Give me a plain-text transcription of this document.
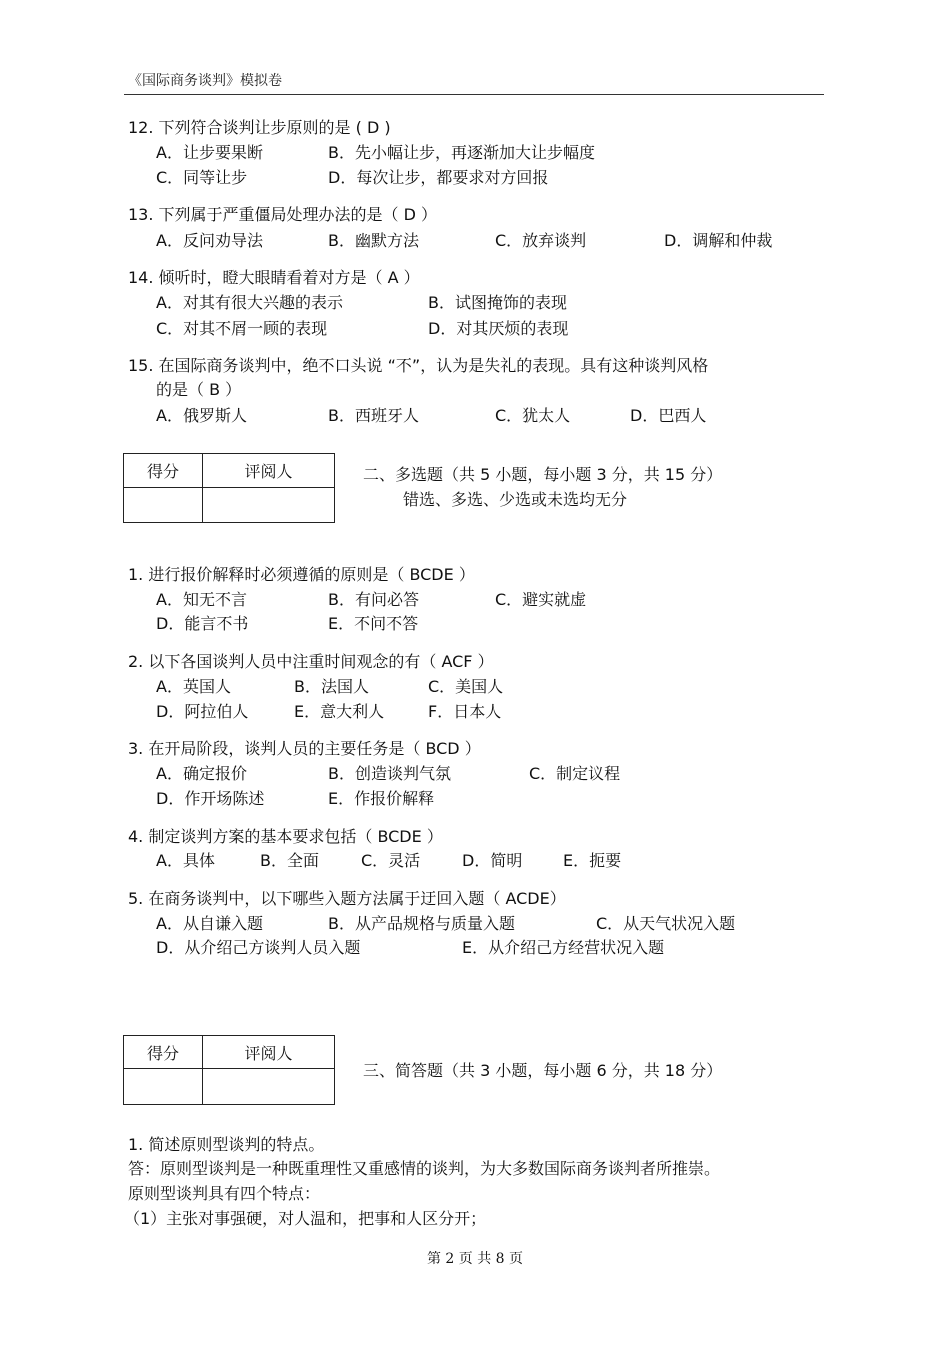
《国际商务谈判》模拟卷
12. 下列符合谈判让步原则的是 ( D )
A．让步要果断	B．先小幅让步，再逐渐加大让步幅度
C．同等让步	D．每次让步，都要求对方回报
13. 下列属于严重僵局处理办法的是（ D ）
A．反问劝导法	B．幽默方法	C．放弃谈判	D．调解和仲裁
14. 倾听时，瞪大眼睛看着对方是（ A ）
A．对其有很大兴趣的表示	B．试图掩饰的表现
C．对其不屑一顾的表现	D．对其厌烦的表现
15. 在国际商务谈判中，绝不口头说 “不”，认为是失礼的表现。具有这种谈判风格
的是（ B ）
A．俄罗斯人	B．西班牙人	C．犹太人	D．巴西人
得分	评阅人
		二、多选题（共 5 小题，每小题 3 分，共 15 分）
错选、多选、少选或未选均无分
1. 进行报价解释时必须遵循的原则是（ BCDE ）
A．知无不言	B．有问必答	C．避实就虚
D．能言不书	E．不问不答
2. 以下各国谈判人员中注重时间观念的有（ ACF ）
A．英国人	B．法国人	C．美国人
D．阿拉伯人	E．意大利人	F．日本人
3. 在开局阶段，谈判人员的主要任务是（ BCD ）
A．确定报价	B．创造谈判气氛	C．制定议程
D．作开场陈述	E．作报价解释
4. 制定谈判方案的基本要求包括（ BCDE ）
A．具体	B．全面	C．灵活	D．简明	E．扼要
5. 在商务谈判中，以下哪些入题方法属于迂回入题（ ACDE）
A．从自谦入题	B．从产品规格与质量入题	C．从天气状况入题
D．从介绍己方谈判人员入题	E．从介绍己方经营状况入题
得分	评阅人

三、简答题（共 3 小题，每小题 6 分，共 18 分）
1. 简述原则型谈判的特点。
答：原则型谈判是一种既重理性又重感情的谈判，为大多数国际商务谈判者所推崇。
原则型谈判具有四个特点：
（1）主张对事强硬，对人温和，把事和人区分开；
第 2 页 共 8 页
